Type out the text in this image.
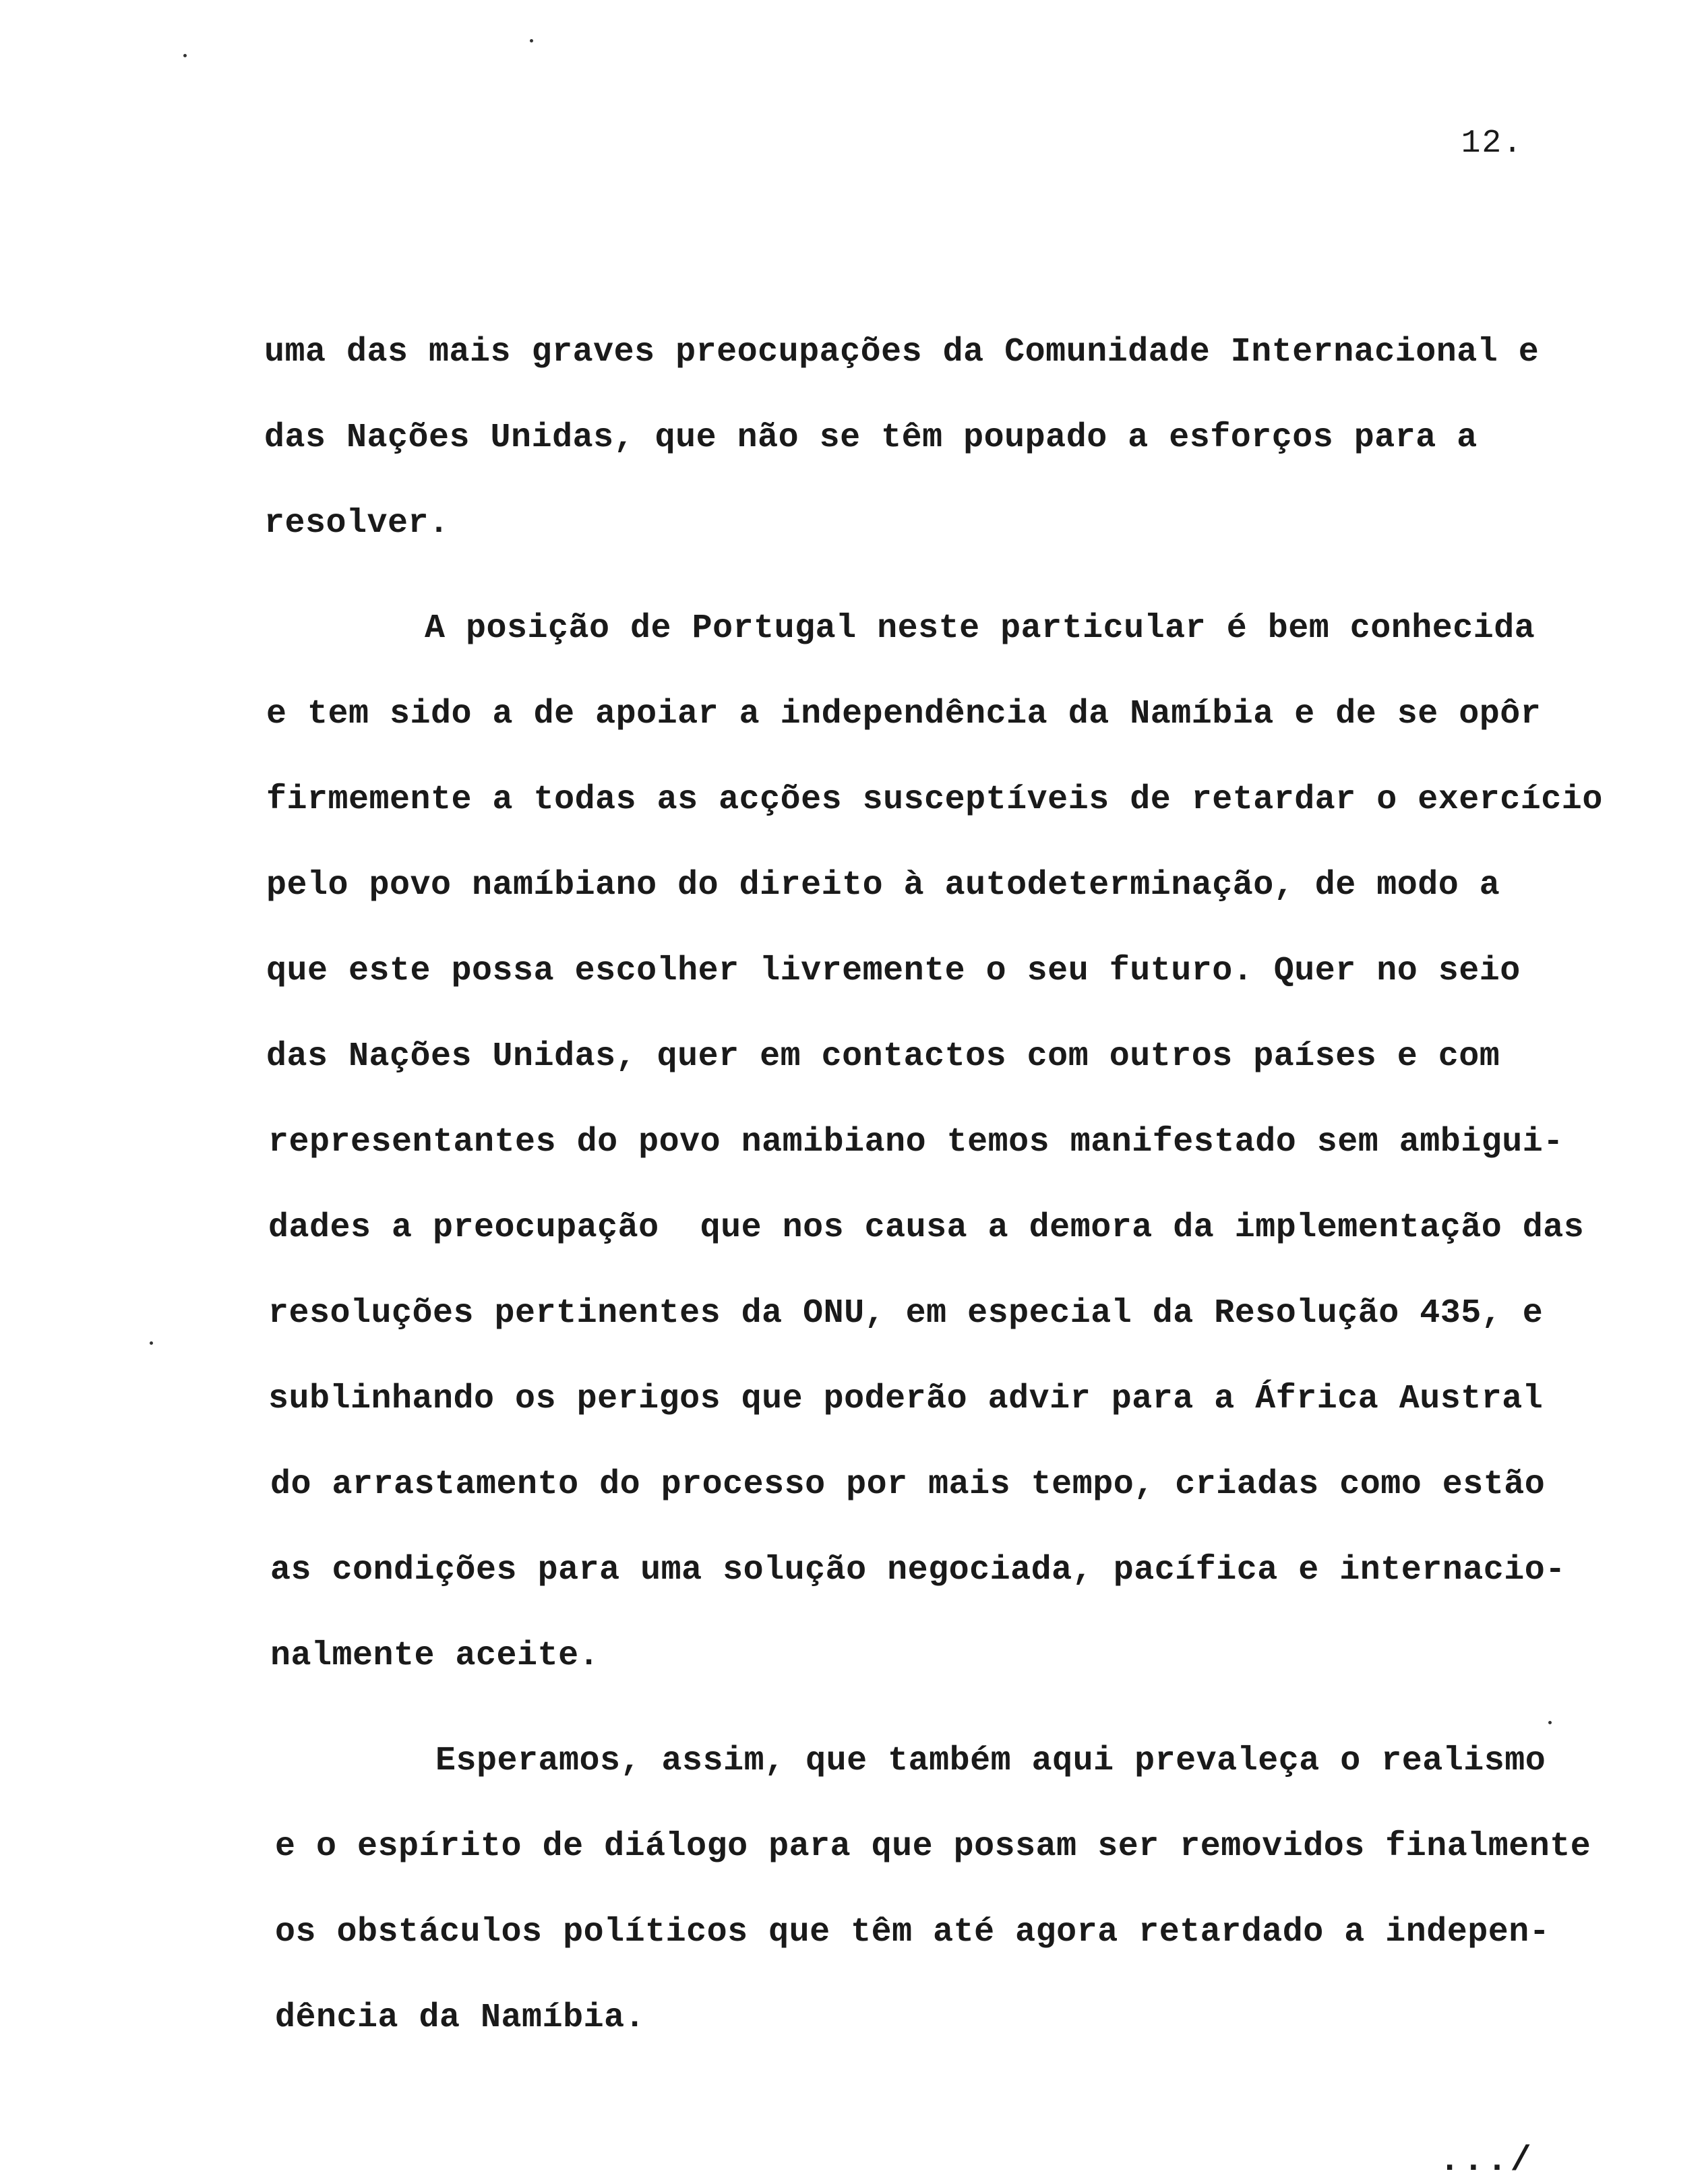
12.
uma das mais graves preocupações da Comunidade Internacional e
das Nações Unidas, que não se têm poupado a esforços para a
resolver.
A posição de Portugal neste particular é bem conhecida
e tem sido a de apoiar a independência da Namíbia e de se opôr
firmemente a todas as acções susceptíveis de retardar o exercício
pelo povo namíbiano do direito à autodeterminação, de modo a
que este possa escolher livremente o seu futuro. Quer no seio
das Nações Unidas, quer em contactos com outros países e com
representantes do povo namibiano temos manifestado sem ambigui-
dades a preocupação  que nos causa a demora da implementação das
resoluções pertinentes da ONU, em especial da Resolução 435, e
sublinhando os perigos que poderão advir para a África Austral
do arrastamento do processo por mais tempo, criadas como estão
as condições para uma solução negociada, pacífica e internacio-
nalmente aceite.
Esperamos, assim, que também aqui prevaleça o realismo
e o espírito de diálogo para que possam ser removidos finalmente
os obstáculos políticos que têm até agora retardado a indepen-
dência da Namíbia.
.../
